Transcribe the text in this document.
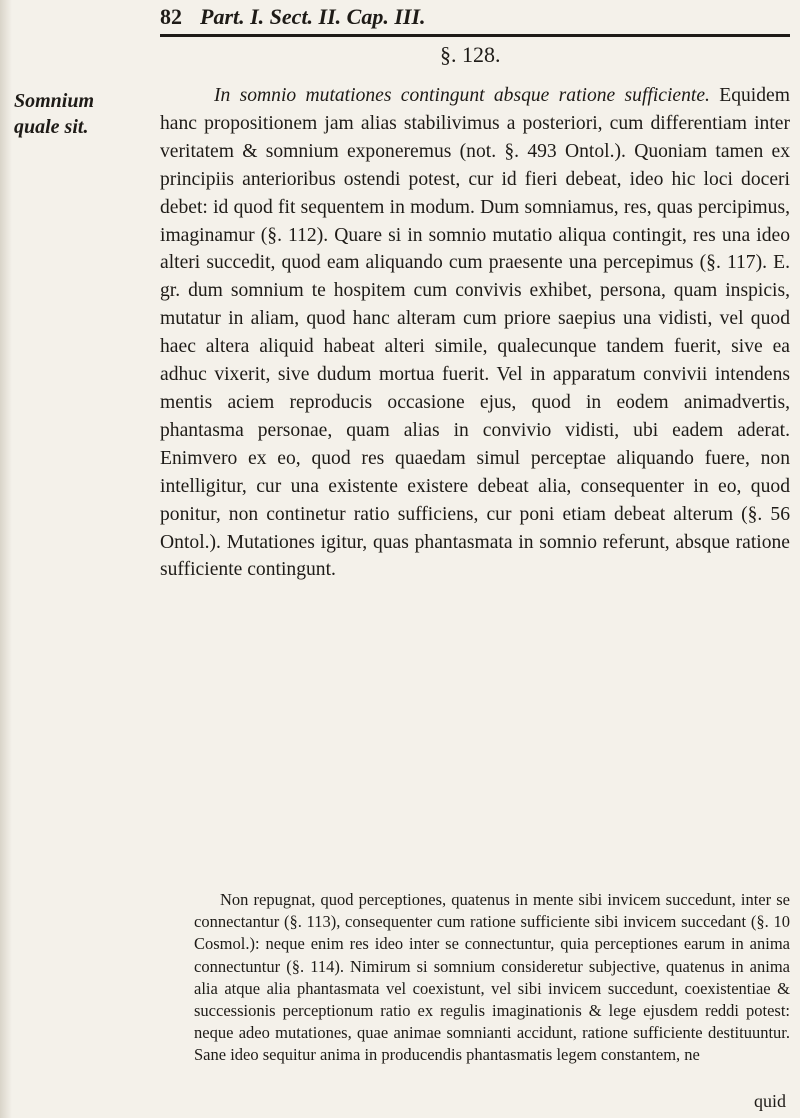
82 Part. I. Sect. II. Cap. III.
§. 128.
Somnium
quale sit.

In somnio mutationes contingunt absque ratione sufficiente. Equidem hanc propositionem jam alias stabilivimus a posteriori, cum differentiam inter veritatem & somnium exponeremus (not. §. 493 Ontol.). Quoniam tamen ex principiis anterioribus ostendi potest, cur id fieri debeat, ideo hic loci doceri debet: id quod fit sequentem in modum. Dum somniamus, res, quas percipimus, imaginamur (§. 112). Quare si in somnio mutatio aliqua contingit, res una ideo alteri succedit, quod eam aliquando cum praesente una percepimus (§. 117). E. gr. dum somnium te hospitem cum convivis exhibet, persona, quam inspicis, mutatur in aliam, quod hanc alteram cum priore saepius una vidisti, vel quod haec altera aliquid habeat alteri simile, qualecunque tandem fuerit, sive ea adhuc vixerit, sive dudum mortua fuerit. Vel in apparatum convivii intendens mentis aciem reproducis occasione ejus, quod in eodem animadvertis, phantasma personae, quam alias in convivio vidisti, ubi eadem aderat. Enimvero ex eo, quod res quaedam simul perceptae aliquando fuere, non intelligitur, cur una existente existere debeat alia, consequenter in eo, quod ponitur, non continetur ratio sufficiens, cur poni etiam debeat alterum (§. 56 Ontol.). Mutationes igitur, quas phantasmata in somnio referunt, absque ratione sufficiente contingunt.

Non repugnat, quod perceptiones, quatenus in mente sibi invicem succedunt, inter se connectantur (§. 113), consequenter cum ratione sufficiente sibi invicem succedant (§. 10 Cosmol.): neque enim res ideo inter se connectuntur, quia perceptiones earum in anima connectuntur (§. 114). Nimirum si somnium consideretur subjective, quatenus in anima alia atque alia phantasmata vel coexistunt, vel sibi invicem succedunt, coexistentiae & successionis perceptionum ratio ex regulis imaginationis & lege ejusdem reddi potest: neque adeo mutationes, quae animae somnianti accidunt, ratione sufficiente destituuntur. Sane ideo sequitur anima in producendis phantasmatis legem constantem, ne

quid
